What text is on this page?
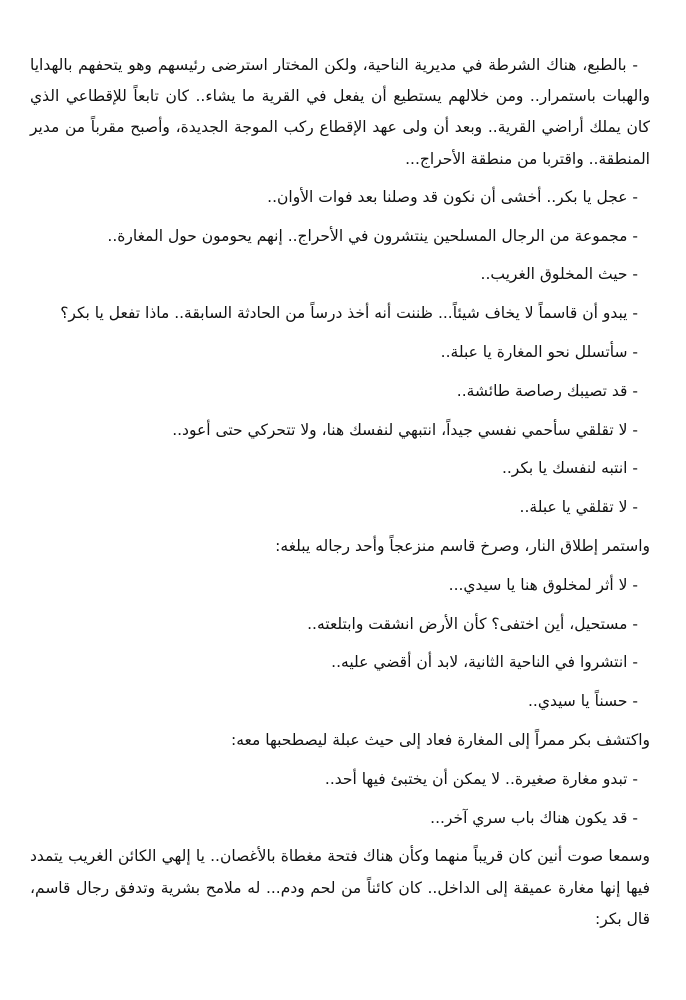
- بالطبع، هناك الشرطة في مديرية الناحية، ولكن المختار استرضى رئيسهم وهو يتحفهم بالهدايا والهبات باستمرار.. ومن خلالهم يستطيع أن يفعل في القرية ما يشاء.. كان تابعاً للإقطاعي الذي كان يملك أراضي القرية.. وبعد أن ولى عهد الإقطاع ركب الموجة الجديدة، وأصبح مقرباً من مدير المنطقة.. واقتربا من منطقة الأحراج...

- عجل يا بكر.. أخشى أن نكون قد وصلنا بعد فوات الأوان..

- مجموعة من الرجال المسلحين ينتشرون في الأحراج.. إنهم يحومون حول المغارة..

- حيث المخلوق الغريب..

- يبدو أن قاسماً لا يخاف شيئاً... ظننت أنه أخذ درساً من الحادثة السابقة.. ماذا تفعل يا بكر؟

- سأتسلل نحو المغارة يا عبلة..

- قد تصيبك رصاصة طائشة..

- لا تقلقي سأحمي نفسي جيداً، انتبهي لنفسك هنا، ولا تتحركي حتى أعود..

- انتبه لنفسك يا بكر..

- لا تقلقي يا عبلة..

واستمر إطلاق النار، وصرخ قاسم منزعجاً وأحد رجاله يبلغه:

- لا أثر لمخلوق هنا يا سيدي...

- مستحيل، أين اختفى؟ كأن الأرض انشقت وابتلعته..

- انتشروا في الناحية الثانية، لابد أن أقضي عليه..

- حسناً يا سيدي..

واكتشف بكر ممراً إلى المغارة فعاد إلى حيث عبلة ليصطحبها معه:

- تبدو مغارة صغيرة.. لا يمكن أن يختبئ فيها أحد..

- قد يكون هناك باب سري آخر...

وسمعا صوت أنين كان قريباً منهما وكأن هناك فتحة مغطاة بالأغصان.. يا إلهي الكائن الغريب يتمدد فيها إنها مغارة عميقة إلى الداخل.. كان كائناً من لحم ودم... له ملامح بشرية وتدفق رجال قاسم، قال بكر:
